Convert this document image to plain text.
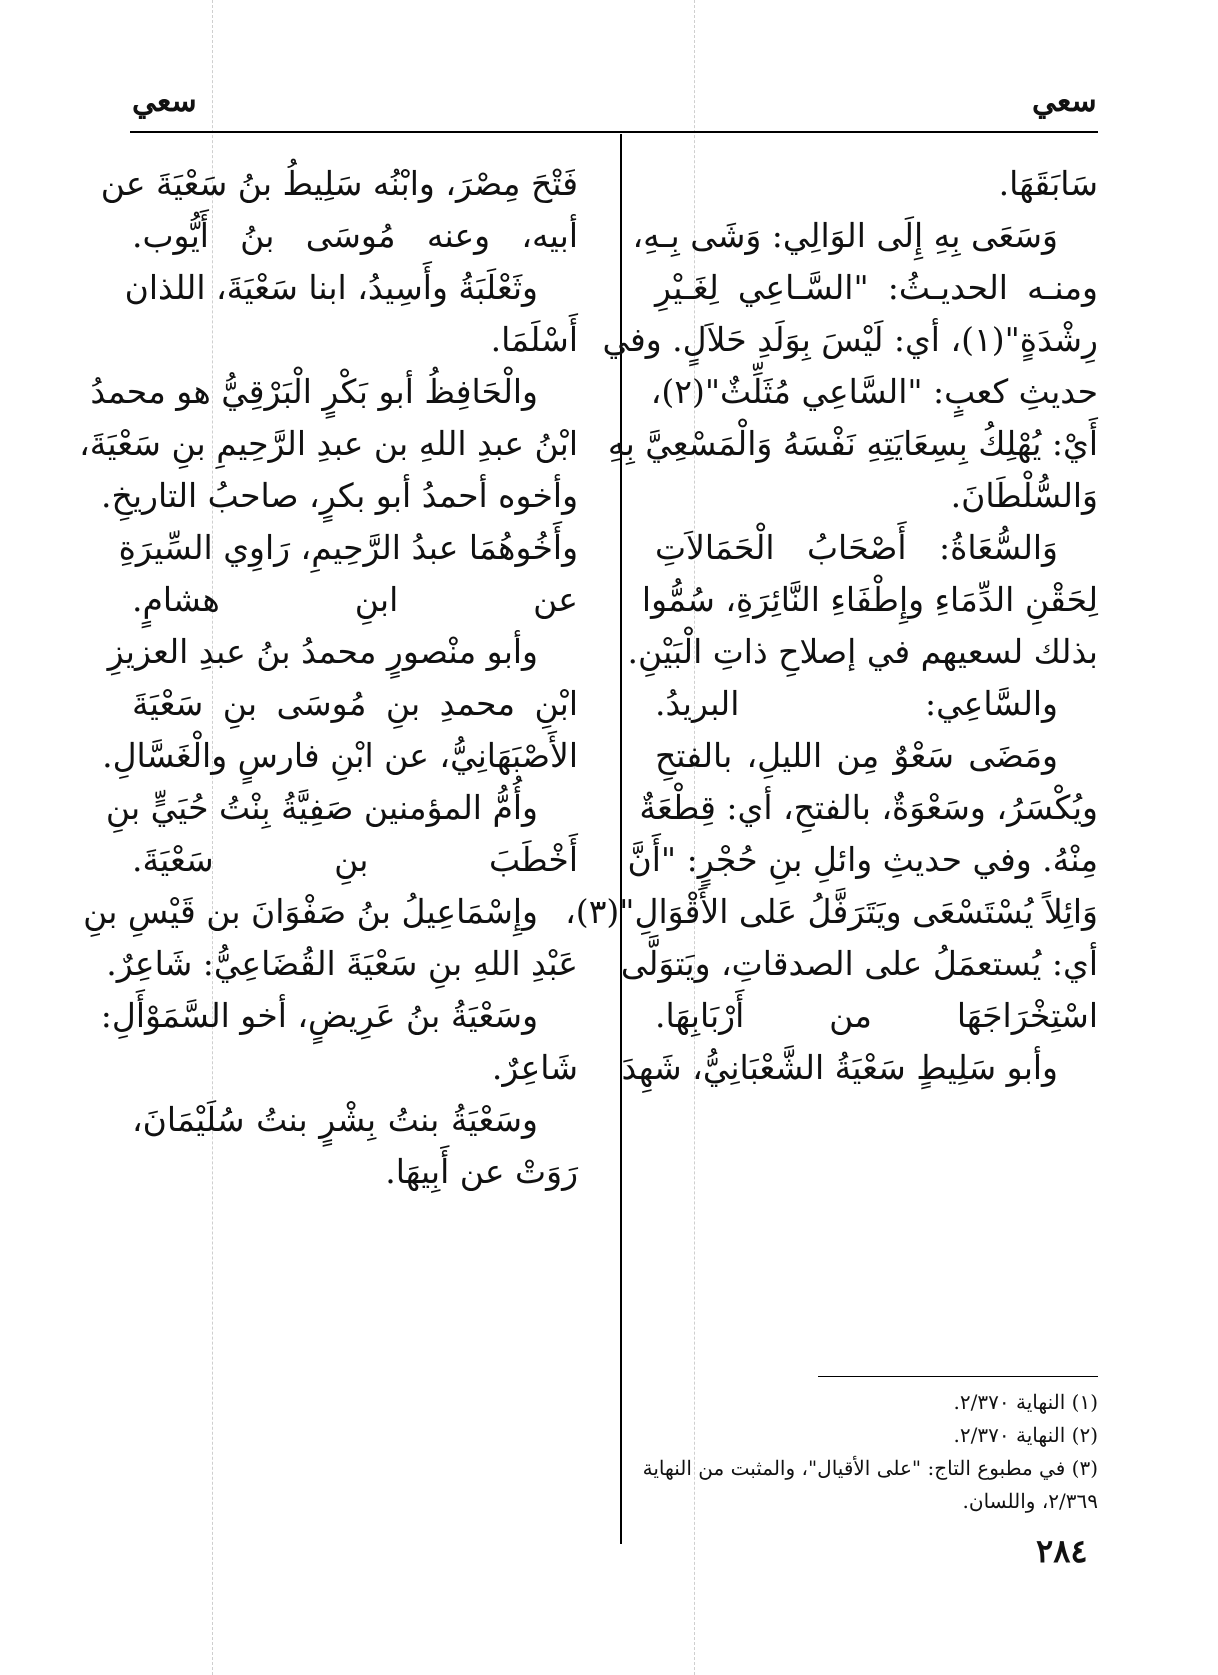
سعي
سعي
سَابَقَهَا.
وَسَعَى بِهِ إِلَى الوَالِي: وَشَى بِـهِ،
ومنـه الحديـثُ: "السَّـاعِي لِغَـيْرِ
رِشْدَةٍ"(١)، أي: لَيْسَ بِوَلَدِ حَلاَلٍ. وفي
حديثِ كعبٍ: "السَّاعِي مُثَلِّثٌ"(٢)،
أَيْ: يُهْلِكُ بِسِعَايَتِهِ نَفْسَهُ وَالْمَسْعِيَّ بِهِ
وَالسُّلْطَانَ.
وَالسُّعَاةُ: أَصْحَابُ الْحَمَالاَتِ
لِحَقْنِ الدِّمَاءِ وإِطْفَاءِ النَّائِرَةِ، سُمُّوا
بذلك لسعيهم في إصلاحِ ذاتِ الْبَيْنِ.
والسَّاعِي: البريدُ.
ومَضَى سَعْوٌ مِن الليلِ، بالفتحِ
ويُكْسَرُ، وسَعْوَةٌ، بالفتحِ، أي: قِطْعَةٌ
مِنْهُ. وفي حديثِ وائلِ بنِ حُجْرٍ: "أَنَّ
وَائِلاً يُسْتَسْعَى ويَتَرَفَّلُ عَلى الأَقْوَالِ"(٣)،
أي: يُستعمَلُ على الصدقاتِ، ويَتوَلَّى
اسْتِخْرَاجَهَا من أَرْبَابِهَا.
وأبو سَلِيطٍ سَعْيَةُ الشَّعْبَانِيُّ، شَهِدَ
فَتْحَ مِصْرَ، وابْنُه سَلِيطُ بنُ سَعْيَةَ عن
أبيه، وعنه مُوسَى بنُ أَيُّوب.
وثَعْلَبَةُ وأَسِيدُ، ابنا سَعْيَةَ، اللذان
أَسْلَمَا.
والْحَافِظُ أبو بَكْرٍ الْبَرْقِيُّ هو محمدُ
ابْنُ عبدِ اللهِ بن عبدِ الرَّحِيمِ بنِ سَعْيَةَ،
وأخوه أحمدُ أبو بكرٍ، صاحبُ التاريخِ.
وأَخُوهُمَا عبدُ الرَّحِيمِ، رَاوِي السِّيرَةِ
عن ابنِ هشامٍ.
وأبو منْصورٍ محمدُ بنُ عبدِ العزيزِ
ابْنِ محمدِ بنِ مُوسَى بنِ سَعْيَةَ
الأَصْبَهَانِيُّ، عن ابْنِ فارسٍ والْغَسَّالِ.
وأُمُّ المؤمنين صَفِيَّةُ بِنْتُ حُيَيٍّ بنِ
أَخْطَبَ بنِ سَعْيَةَ.
وإِسْمَاعِيلُ بنُ صَفْوَانَ بن قَيْسِ بنِ
عَبْدِ اللهِ بنِ سَعْيَةَ القُضَاعِيُّ: شَاعِرٌ.
وسَعْيَةُ بنُ عَرِيضٍ، أخو السَّمَوْأَلِ:
شَاعِرٌ.
وسَعْيَةُ بنتُ بِشْرٍ بنتُ سُلَيْمَانَ،
رَوَتْ عن أَبِيهَا.
(١) النهاية ٢/٣٧٠.
(٢) النهاية ٢/٣٧٠.
(٣) في مطبوع التاج: "على الأقيال"، والمثبت من النهاية
٢/٣٦٩، واللسان.
٢٨٤
